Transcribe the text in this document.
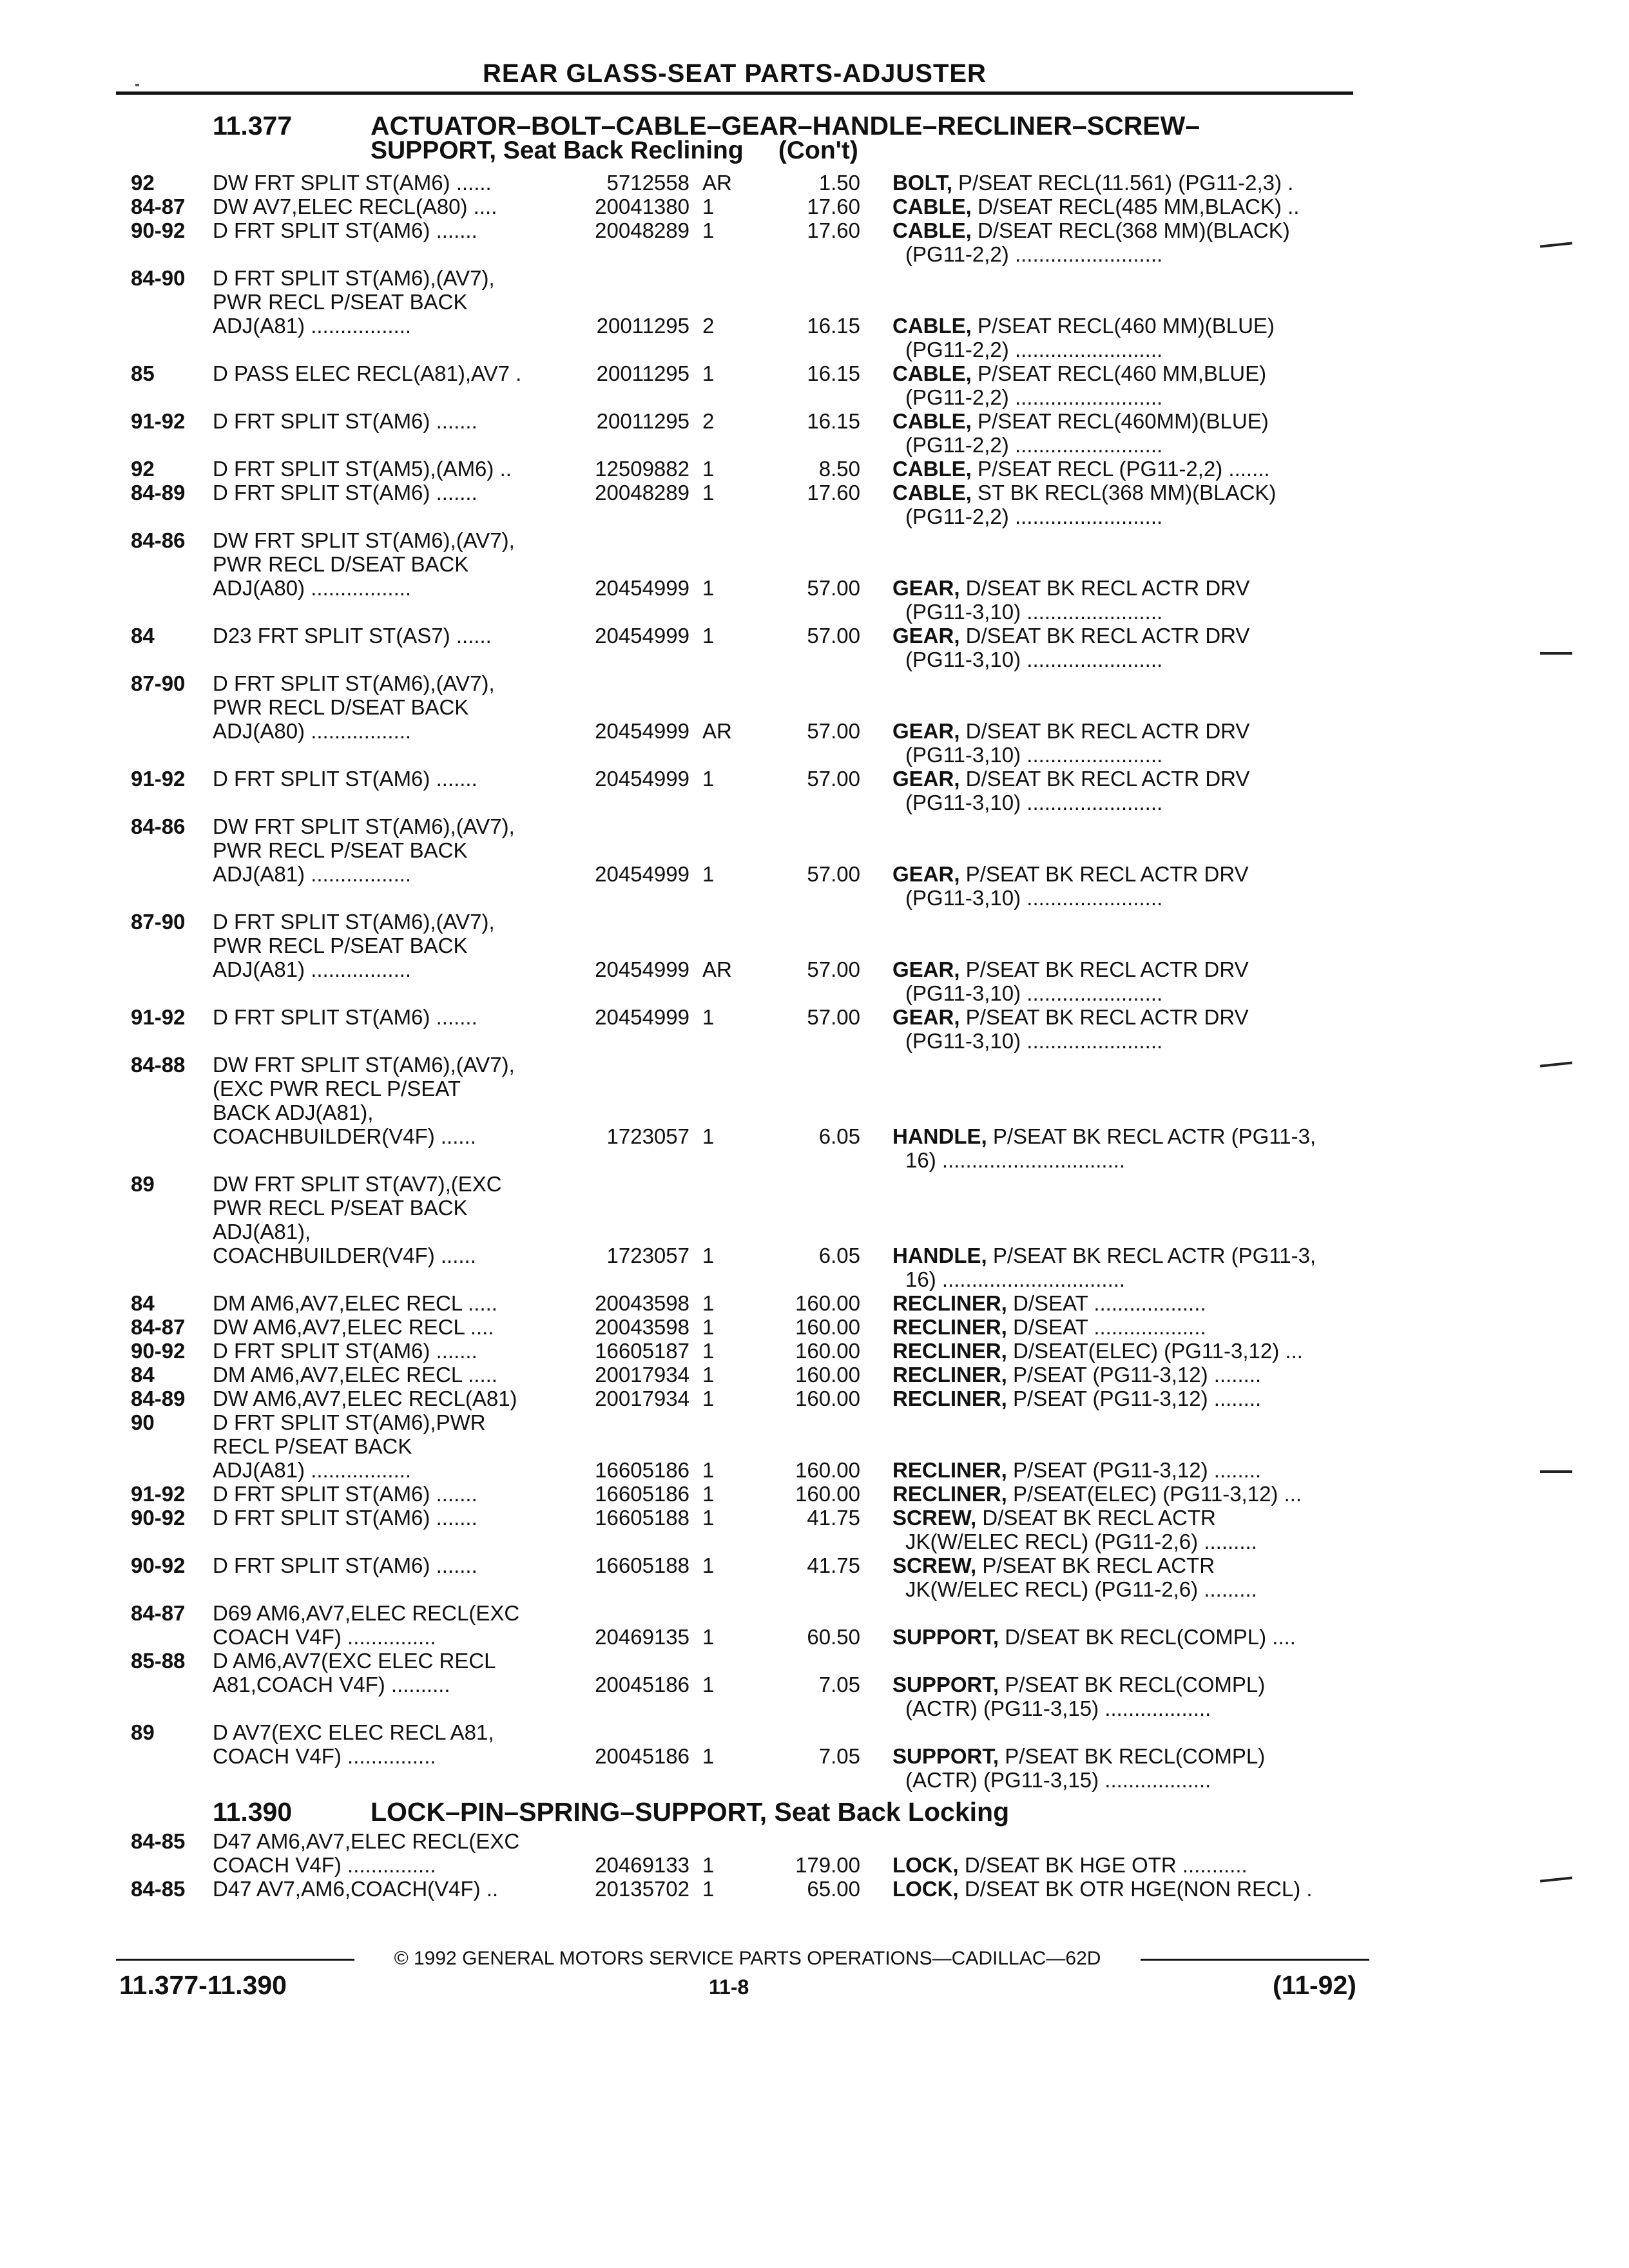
REAR GLASS-SEAT PARTS-ADJUSTER
11.377	ACTUATOR–BOLT–CABLE–GEAR–HANDLE–RECLINER–SCREW–
SUPPORT, Seat Back Reclining     (Con't)
92	DW FRT SPLIT ST(AM6) ......	5712558 AR	1.50 BOLT, P/SEAT RECL(11.561) (PG11-2,3) .
84-87 DW AV7,ELEC RECL(A80) ....	20041380 1	17.60 CABLE, D/SEAT RECL(485 MM,BLACK) ..
90-92 D FRT SPLIT ST(AM6) .......	20048289 1	17.60 CABLE, D/SEAT RECL(368 MM)(BLACK)
(PG11-2,2) .........................
84-90 D FRT SPLIT ST(AM6),(AV7),
PWR RECL P/SEAT BACK
ADJ(A81) .................	20011295 2	16.15 CABLE, P/SEAT RECL(460 MM)(BLUE)
(PG11-2,2) .........................
85	D PASS ELEC RECL(A81),AV7 .	20011295 1	16.15 CABLE, P/SEAT RECL(460 MM,BLUE)
(PG11-2,2) .........................
91-92 D FRT SPLIT ST(AM6) .......	20011295 2	16.15 CABLE, P/SEAT RECL(460MM)(BLUE)
(PG11-2,2) .........................
92	D FRT SPLIT ST(AM5),(AM6) ..	12509882 1	8.50 CABLE, P/SEAT RECL (PG11-2,2) .......
84-89 D FRT SPLIT ST(AM6) .......	20048289 1	17.60 CABLE, ST BK RECL(368 MM)(BLACK)
(PG11-2,2) .........................
84-86 DW FRT SPLIT ST(AM6),(AV7),
PWR RECL D/SEAT BACK
ADJ(A80) .................	20454999 1	57.00 GEAR, D/SEAT BK RECL ACTR DRV
(PG11-3,10) .......................
84	D23 FRT SPLIT ST(AS7) ......	20454999 1	57.00 GEAR, D/SEAT BK RECL ACTR DRV
(PG11-3,10) .......................
87-90 D FRT SPLIT ST(AM6),(AV7),
PWR RECL D/SEAT BACK
ADJ(A80) .................	20454999 AR	57.00 GEAR, D/SEAT BK RECL ACTR DRV
(PG11-3,10) .......................
91-92 D FRT SPLIT ST(AM6) .......	20454999 1	57.00 GEAR, D/SEAT BK RECL ACTR DRV
(PG11-3,10) .......................
84-86 DW FRT SPLIT ST(AM6),(AV7),
PWR RECL P/SEAT BACK
ADJ(A81) .................	20454999 1	57.00 GEAR, P/SEAT BK RECL ACTR DRV
(PG11-3,10) .......................
87-90 D FRT SPLIT ST(AM6),(AV7),
PWR RECL P/SEAT BACK
ADJ(A81) .................	20454999 AR	57.00 GEAR, P/SEAT BK RECL ACTR DRV
(PG11-3,10) .......................
91-92 D FRT SPLIT ST(AM6) .......	20454999 1	57.00 GEAR, P/SEAT BK RECL ACTR DRV
(PG11-3,10) .......................
84-88 DW FRT SPLIT ST(AM6),(AV7),
(EXC PWR RECL P/SEAT
BACK ADJ(A81),
COACHBUILDER(V4F) ......	1723057 1	6.05 HANDLE, P/SEAT BK RECL ACTR (PG11-3,
16) ...............................
89	DW FRT SPLIT ST(AV7),(EXC
PWR RECL P/SEAT BACK
ADJ(A81),
COACHBUILDER(V4F) ......	1723057 1	6.05 HANDLE, P/SEAT BK RECL ACTR (PG11-3,
16) ...............................
84	DM AM6,AV7,ELEC RECL .....	20043598 1	160.00 RECLINER, D/SEAT ...................
84-87 DW AM6,AV7,ELEC RECL ....	20043598 1	160.00 RECLINER, D/SEAT ...................
90-92 D FRT SPLIT ST(AM6) .......	16605187 1	160.00 RECLINER, D/SEAT(ELEC) (PG11-3,12) ...
84	DM AM6,AV7,ELEC RECL .....	20017934 1	160.00 RECLINER, P/SEAT (PG11-3,12) ........
84-89 DW AM6,AV7,ELEC RECL(A81)	20017934 1	160.00 RECLINER, P/SEAT (PG11-3,12) ........
90	D FRT SPLIT ST(AM6),PWR
RECL P/SEAT BACK
ADJ(A81) .................	16605186 1	160.00 RECLINER, P/SEAT (PG11-3,12) ........
91-92 D FRT SPLIT ST(AM6) .......	16605186 1	160.00 RECLINER, P/SEAT(ELEC) (PG11-3,12) ...
90-92 D FRT SPLIT ST(AM6) .......	16605188 1	41.75 SCREW, D/SEAT BK RECL ACTR
JK(W/ELEC RECL) (PG11-2,6) .........
90-92 D FRT SPLIT ST(AM6) .......	16605188 1	41.75 SCREW, P/SEAT BK RECL ACTR
JK(W/ELEC RECL) (PG11-2,6) .........
84-87 D69 AM6,AV7,ELEC RECL(EXC
COACH V4F) ...............	20469135 1	60.50 SUPPORT, D/SEAT BK RECL(COMPL) ....
85-88 D AM6,AV7(EXC ELEC RECL
A81,COACH V4F) ..........	20045186 1	7.05 SUPPORT, P/SEAT BK RECL(COMPL)
(ACTR) (PG11-3,15) ..................
89	D AV7(EXC ELEC RECL A81,
COACH V4F) ...............	20045186 1	7.05 SUPPORT, P/SEAT BK RECL(COMPL)
(ACTR) (PG11-3,15) ..................
11.390	LOCK–PIN–SPRING–SUPPORT, Seat Back Locking
84-85 D47 AM6,AV7,ELEC RECL(EXC
COACH V4F) ...............	20469133 1	179.00 LOCK, D/SEAT BK HGE OTR ...........
84-85 D47 AV7,AM6,COACH(V4F) ..	20135702 1	65.00 LOCK, D/SEAT BK OTR HGE(NON RECL) .
© 1992 GENERAL MOTORS SERVICE PARTS OPERATIONS—CADILLAC—62D
11.377-11.390	11-8	(11-92)
